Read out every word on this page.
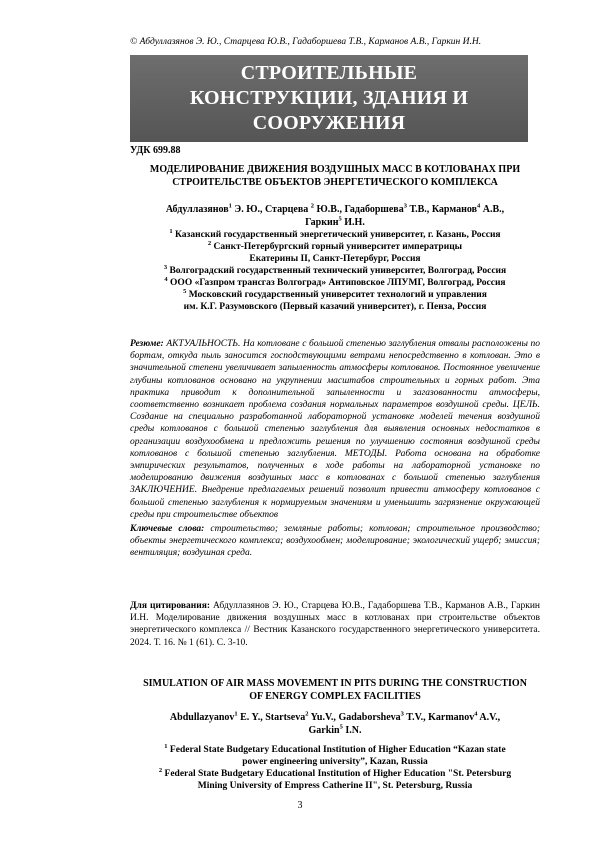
© Абдуллазянов Э. Ю., Старцева Ю.В., Гадаборшева Т.В., Карманов А.В., Гаркин И.Н.
СТРОИТЕЛЬНЫЕ
КОНСТРУКЦИИ, ЗДАНИЯ И
СООРУЖЕНИЯ
УДК 699.88
МОДЕЛИРОВАНИЕ ДВИЖЕНИЯ ВОЗДУШНЫХ МАСС В КОТЛОВАНАХ ПРИ
СТРОИТЕЛЬСТВЕ ОБЪЕКТОВ ЭНЕРГЕТИЧЕСКОГО КОМПЛЕКСА
Абдуллазянов$^1$ Э. Ю., Старцева $^2$ Ю.В., Гадаборшева$^3$ Т.В., Карманов$^4$ А.В.,
Гаркин$^5$ И.Н.
$^1$ Казанский государственный энергетический университет, г. Казань, Россия
$^2$ Санкт-Петербургский горный университет императрицы
Екатерины II, Санкт-Петербург, Россия
$^3$ Волгоградский государственный технический университет, Волгоград, Россия
$^4$ ООО «Газпром трансгаз Волгоград» Антиповское ЛПУМГ, Волгоград, Россия
$^5$ Московский государственный университет технологий и управления
им. К.Г. Разумовского (Первый казачий университет), г. Пенза, Россия
Резюме: АКТУАЛЬНОСТЬ. На котловане с большой степенью заглубления отвалы расположены по бортам, откуда пыль заносится господствующими ветрами непосредственно в котлован. Это в значительной степени увеличивает запыленность атмосферы котлованов. Постоянное увеличение глубины котлованов основано на укрупнении масштабов строительных и горных работ. Эта практика приводит к дополнительной запыленности и загазованности атмосферы, соответственно возникает проблема создания нормальных параметров воздушной среды. ЦЕЛЬ. Создание на специально разработанной лабораторной установке моделей течения воздушной среды котлованов с большой степенью заглубления для выявления основных недостатков в организации воздухообмена и предложить решения по улучшению состояния воздушной среды котлованов с большой степенью заглубления. МЕТОДЫ. Работа основана на обработке эмпирических результатов, полученных в ходе работы на лабораторной установке по моделированию движения воздушных масс в котлованах с большой степенью заглубления ЗАКЛЮЧЕНИЕ. Внедрение предлагаемых решений позволит привести атмосферу котлованов с большой степенью заглубления к нормируемым значениям и уменьшить загрязнение окружающей среды при строительстве объектов
Ключевые слова: строительство; земляные работы; котлован; строительное производство; объекты энергетического комплекса; воздухообмен; моделирование; экологический ущерб; эмиссия; вентиляция; воздушная среда.
Для цитирования: Абдуллазянов Э. Ю., Старцева Ю.В., Гадаборшева Т.В., Карманов А.В., Гаркин И.Н. Моделирование движения воздушных масс в котлованах при строительстве объектов энергетического комплекса // Вестник Казанского государственного энергетического университета. 2024. Т. 16. № 1 (61). С. 3-10.
SIMULATION OF AIR MASS MOVEMENT IN PITS DURING THE CONSTRUCTION
OF ENERGY COMPLEX FACILITIES
Abdullazyanov$^1$ E. Y., Startseva$^2$ Yu.V., Gadaborsheva$^3$ T.V., Karmanov$^4$ A.V.,
Garkin$^5$ I.N.
$^1$ Federal State Budgetary Educational Institution of Higher Education “Kazan state
power engineering university”, Kazan, Russia
$^2$ Federal State Budgetary Educational Institution of Higher Education "St. Petersburg
Mining University of Empress Catherine II", St. Petersburg, Russia
3
